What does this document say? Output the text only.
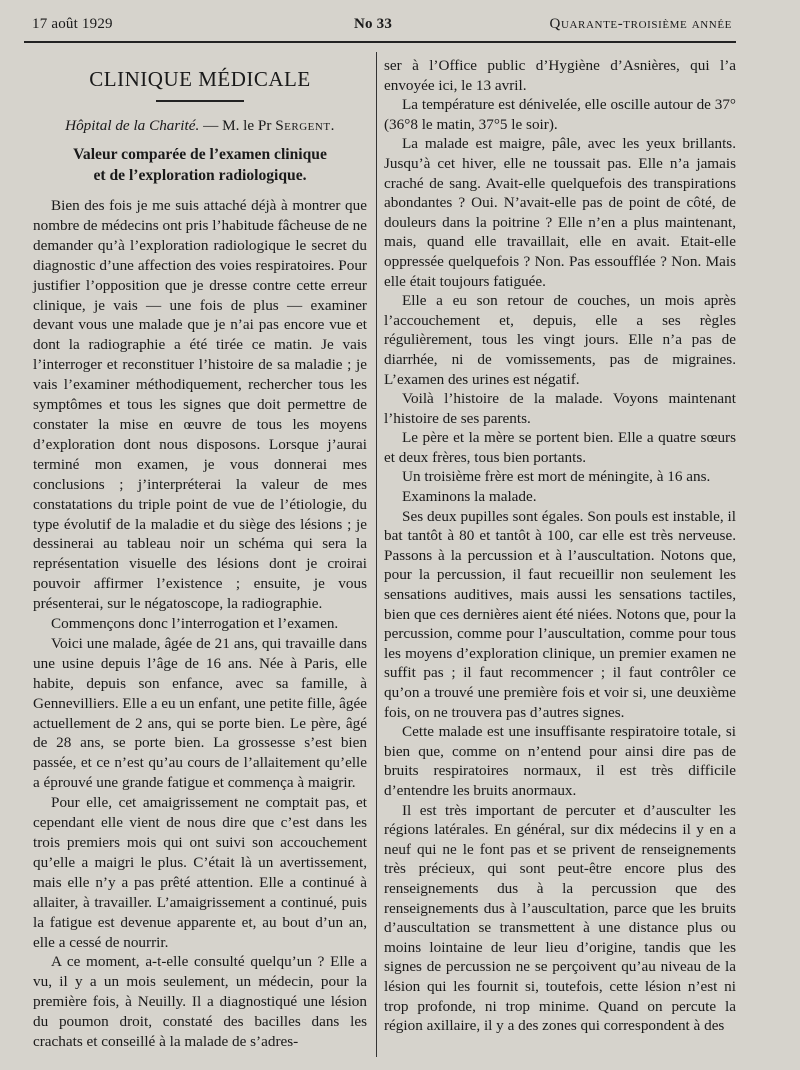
17 août 1929	No 33	Quarante-troisième année
CLINIQUE MÉDICALE
Hôpital de la Charité. — M. le Pr Sergent.
Valeur comparée de l’examen clinique
et de l’exploration radiologique.

Bien des fois je me suis attaché déjà à montrer que nombre de médecins ont pris l’habitude fâcheuse de ne demander qu’à l’exploration radiologique le secret du diagnostic d’une affection des voies respiratoires. Pour justifier l’opposition que je dresse contre cette erreur clinique, je vais — une fois de plus — examiner devant vous une malade que je n’ai pas encore vue et dont la radiographie a été tirée ce matin. Je vais l’interroger et reconstituer l’histoire de sa maladie ; je vais l’examiner méthodiquement, rechercher tous les symptômes et tous les signes que doit permettre de constater la mise en œuvre de tous les moyens d’exploration dont nous disposons. Lorsque j’aurai terminé mon examen, je vous donnerai mes conclusions ; j’interpréterai la valeur de mes constatations du triple point de vue de l’étiologie, du type évolutif de la maladie et du siège des lésions ; je dessinerai au tableau noir un schéma qui sera la représentation visuelle des lésions dont je croirai pouvoir affirmer l’existence ; ensuite, je vous présenterai, sur le négatoscope, la radiographie.

Commençons donc l’interrogation et l’examen.

Voici une malade, âgée de 21 ans, qui travaille dans une usine depuis l’âge de 16 ans. Née à Paris, elle habite, depuis son enfance, avec sa famille, à Gennevilliers. Elle a eu un enfant, une petite fille, âgée actuellement de 2 ans, qui se porte bien. Le père, âgé de 28 ans, se porte bien. La grossesse s’est bien passée, et ce n’est qu’au cours de l’allaitement qu’elle a éprouvé une grande fatigue et commença à maigrir.

Pour elle, cet amaigrissement ne comptait pas, et cependant elle vient de nous dire que c’est dans les trois premiers mois qui ont suivi son accouchement qu’elle a maigri le plus. C’était là un avertissement, mais elle n’y a pas prêté attention. Elle a continué à allaiter, à travailler. L’amaigrissement a continué, puis la fatigue est devenue apparente et, au bout d’un an, elle a cessé de nourrir.

A ce moment, a-t-elle consulté quelqu’un ? Elle a vu, il y a un mois seulement, un médecin, pour la première fois, à Neuilly. Il a diagnostiqué une lésion du poumon droit, constaté des bacilles dans les crachats et conseillé à la malade de s’adres-

ser à l’Office public d’Hygiène d’Asnières, qui l’a envoyée ici, le 13 avril.

La température est dénivelée, elle oscille autour de 37° (36°8 le matin, 37°5 le soir).

La malade est maigre, pâle, avec les yeux brillants. Jusqu’à cet hiver, elle ne toussait pas. Elle n’a jamais craché de sang. Avait-elle quelquefois des transpirations abondantes ? Oui. N’avait-elle pas de point de côté, de douleurs dans la poitrine ? Elle n’en a plus maintenant, mais, quand elle travaillait, elle en avait. Etait-elle oppressée quelquefois ? Non. Pas essoufflée ? Non. Mais elle était toujours fatiguée.

Elle a eu son retour de couches, un mois après l’accouchement et, depuis, elle a ses règles régulièrement, tous les vingt jours. Elle n’a pas de diarrhée, ni de vomissements, pas de migraines. L’examen des urines est négatif.

Voilà l’histoire de la malade. Voyons maintenant l’histoire de ses parents.

Le père et la mère se portent bien. Elle a quatre sœurs et deux frères, tous bien portants.

Un troisième frère est mort de méningite, à 16 ans.

Examinons la malade.

Ses deux pupilles sont égales. Son pouls est instable, il bat tantôt à 80 et tantôt à 100, car elle est très nerveuse. Passons à la percussion et à l’auscultation. Notons que, pour la percussion, il faut recueillir non seulement les sensations auditives, mais aussi les sensations tactiles, bien que ces dernières aient été niées. Notons que, pour la percussion, comme pour l’auscultation, comme pour tous les moyens d’exploration clinique, un premier examen ne suffit pas ; il faut recommencer ; il faut contrôler ce qu’on a trouvé une première fois et voir si, une deuxième fois, on ne trouvera pas d’autres signes.

Cette malade est une insuffisante respiratoire totale, si bien que, comme on n’entend pour ainsi dire pas de bruits respiratoires normaux, il est très difficile d’entendre les bruits anormaux.

Il est très important de percuter et d’ausculter les régions latérales. En général, sur dix médecins il y en a neuf qui ne le font pas et se privent de renseignements très précieux, qui sont peut-être encore plus des renseignements dus à la percussion que des renseignements dus à l’auscultation, parce que les bruits d’auscultation se transmettent à une distance plus ou moins lointaine de leur lieu d’origine, tandis que les signes de percussion ne se perçoivent qu’au niveau de la lésion qui les fournit si, toutefois, cette lésion n’est ni trop profonde, ni trop minime. Quand on percute la région axillaire, il y a des zones qui correspondent à des
